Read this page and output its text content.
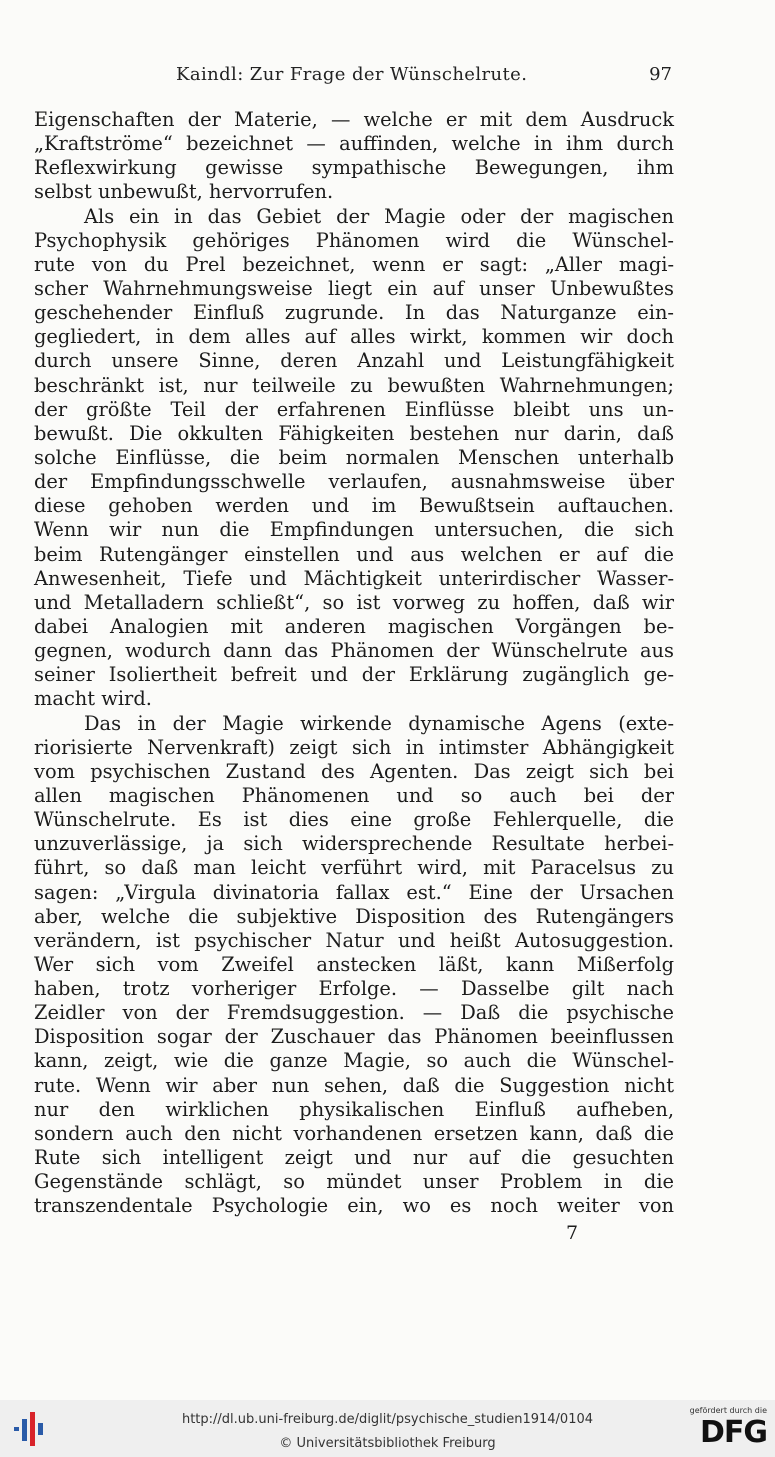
Kaindl: Zur Frage der Wünschelrute.	97
Eigenschaften der Materie, — welche er mit dem Ausdruck
„Kraftströme“ bezeichnet — auffinden, welche in ihm durch
Reflexwirkung gewisse sympathische Bewegungen, ihm
selbst unbewußt, hervorrufen.
Als ein in das Gebiet der Magie oder der magischen
Psychophysik gehöriges Phänomen wird die Wünschel-
rute von du Prel bezeichnet, wenn er sagt: „Aller magi-
scher Wahrnehmungsweise liegt ein auf unser Unbewußtes
geschehender Einfluß zugrunde. In das Naturganze ein-
gegliedert, in dem alles auf alles wirkt, kommen wir doch
durch unsere Sinne, deren Anzahl und Leistungfähigkeit
beschränkt ist, nur teilweile zu bewußten Wahrnehmungen;
der größte Teil der erfahrenen Einflüsse bleibt uns un-
bewußt. Die okkulten Fähigkeiten bestehen nur darin, daß
solche Einflüsse, die beim normalen Menschen unterhalb
der Empfindungsschwelle verlaufen, ausnahmsweise über
diese gehoben werden und im Bewußtsein auftauchen.
Wenn wir nun die Empfindungen untersuchen, die sich
beim Rutengänger einstellen und aus welchen er auf die
Anwesenheit, Tiefe und Mächtigkeit unterirdischer Wasser-
und Metalladern schließt“, so ist vorweg zu hoffen, daß wir
dabei Analogien mit anderen magischen Vorgängen be-
gegnen, wodurch dann das Phänomen der Wünschelrute aus
seiner Isoliertheit befreit und der Erklärung zugänglich ge-
macht wird.
Das in der Magie wirkende dynamische Agens (exte-
riorisierte Nervenkraft) zeigt sich in intimster Abhängigkeit
vom psychischen Zustand des Agenten. Das zeigt sich bei
allen magischen Phänomenen und so auch bei der
Wünschelrute. Es ist dies eine große Fehlerquelle, die
unzuverlässige, ja sich widersprechende Resultate herbei-
führt, so daß man leicht verführt wird, mit Paracelsus zu
sagen: „Virgula divinatoria fallax est.“ Eine der Ursachen
aber, welche die subjektive Disposition des Rutengängers
verändern, ist psychischer Natur und heißt Autosuggestion.
Wer sich vom Zweifel anstecken läßt, kann Mißerfolg
haben, trotz vorheriger Erfolge. — Dasselbe gilt nach
Zeidler von der Fremdsuggestion. — Daß die psychische
Disposition sogar der Zuschauer das Phänomen beeinflussen
kann, zeigt, wie die ganze Magie, so auch die Wünschel-
rute. Wenn wir aber nun sehen, daß die Suggestion nicht
nur den wirklichen physikalischen Einfluß aufheben,
sondern auch den nicht vorhandenen ersetzen kann, daß die
Rute sich intelligent zeigt und nur auf die gesuchten
Gegenstände schlägt, so mündet unser Problem in die
transzendentale Psychologie ein, wo es noch weiter von
7
http://dl.ub.uni-freiburg.de/diglit/psychische_studien1914/0104
© Universitätsbibliothek Freiburg
gefördert durch die
DFG
